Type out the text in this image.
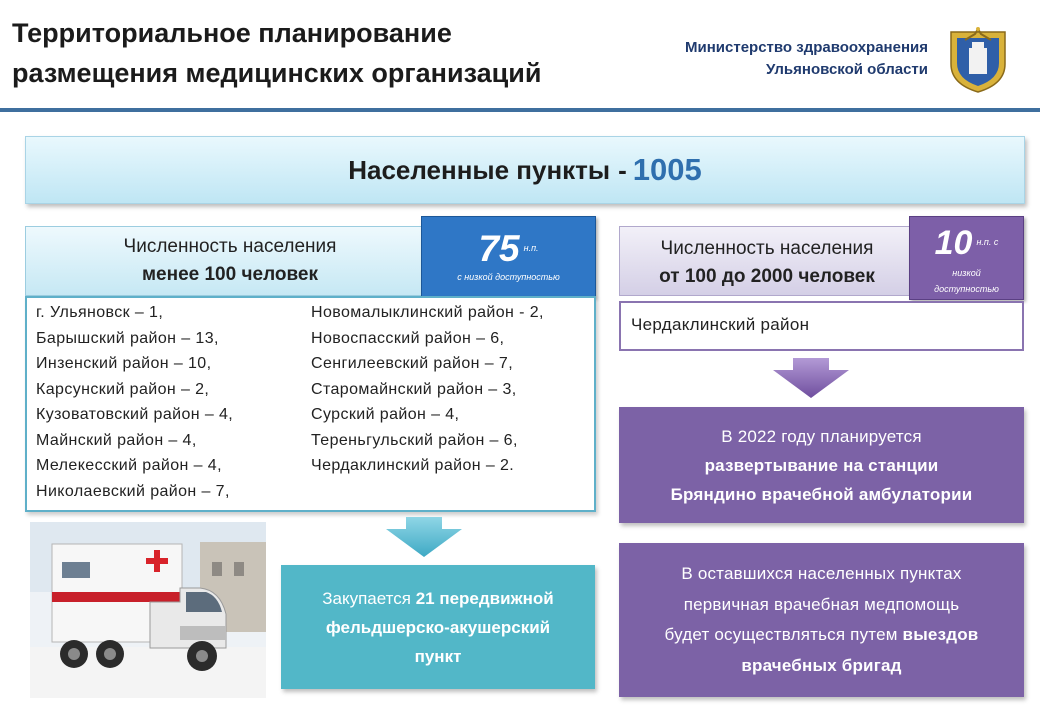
Территориальное планирование
размещения медицинских организаций
Министерство здравоохранения
Ульяновской области
Населенные пункты - 1005
Численность населения
менее 100 человек
75 $_{н.п.}$
с низкой доступностью
г. Ульяновск – 1,
Барышский район – 13,
Инзенский район – 10,
Карсунский район – 2,
Кузоватовский район – 4,
Майнский район – 4,
Мелекесский район – 4,
Николаевский район – 7,
Новомалыклинский район - 2,
Новоспасский район – 6,
Сенгилеевский район – 7,
Старомайнский район – 3,
Сурский район – 4,
Тереньгульский район – 6,
Чердаклинский район – 2.
Закупается 21 передвижной фельдшерско-акушерский
пункт
Численность населения
от 100 до 2000 человек
10 $_{н.п. с}$
низкой
доступностью
Чердаклинский район
В 2022 году планируется
развертывание на станции
Бряндино врачебной амбулатории
В оставшихся населенных пунктах
первичная врачебная медпомощь
будет осуществляться путем выездов
врачебных бригад
